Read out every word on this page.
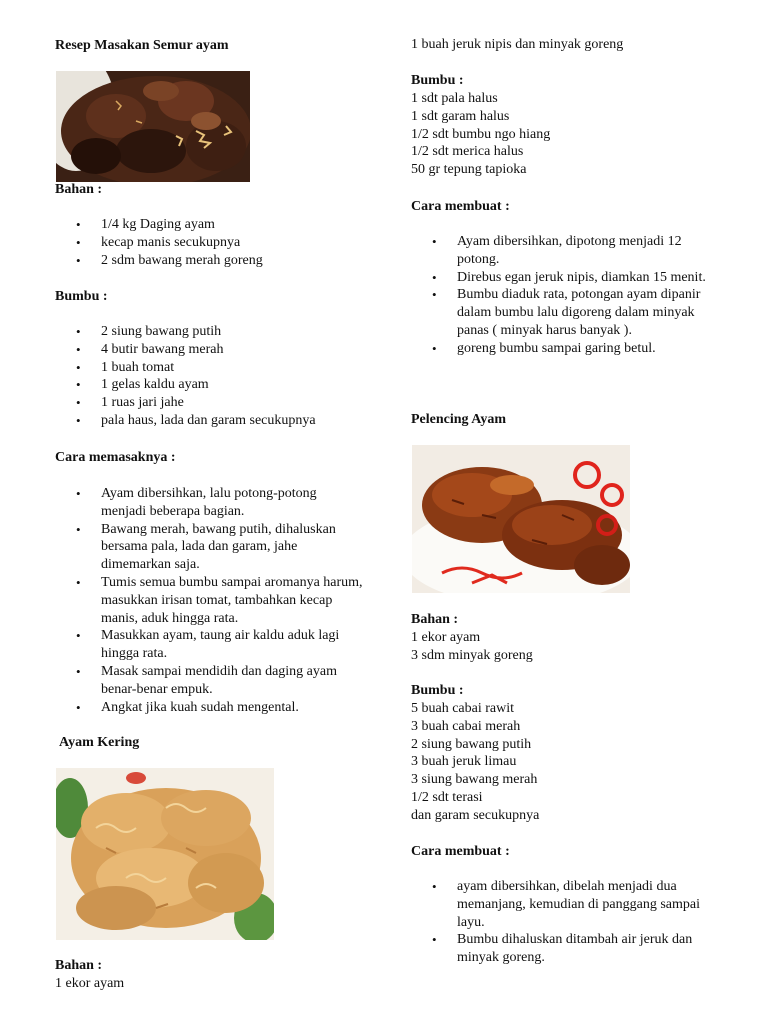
Resep Masakan Semur ayam
Bahan :
• 1/4 kg Daging ayam
• kecap manis secukupnya
• 2 sdm bawang merah goreng
Bumbu :
• 2 siung bawang putih
• 4 butir bawang merah
• 1 buah tomat
• 1 gelas kaldu ayam
• 1 ruas jari jahe
• pala haus, lada dan garam secukupnya
Cara memasaknya :
• Ayam dibersihkan, lalu potong-potong
menjadi beberapa bagian.
• Bawang merah, bawang putih, dihaluskan
bersama pala, lada dan garam, jahe
dimemarkan saja.
• Tumis semua bumbu sampai aromanya harum,
masukkan irisan tomat, tambahkan kecap
manis, aduk hingga rata.
• Masukkan ayam, taung air kaldu aduk lagi
hingga rata.
• Masak sampai mendidih dan daging ayam
benar-benar empuk.
• Angkat jika kuah sudah mengental.
Ayam Kering
Bahan :
1 ekor ayam
1 buah jeruk nipis dan minyak goreng
Bumbu :
1 sdt pala halus
1 sdt garam halus
1/2 sdt bumbu ngo hiang
1/2 sdt merica halus
50 gr tepung tapioka
Cara membuat :
• Ayam dibersihkan, dipotong menjadi 12
potong.
• Direbus egan jeruk nipis, diamkan 15 menit.
• Bumbu diaduk rata, potongan ayam dipanir
dalam bumbu lalu digoreng dalam minyak
panas ( minyak harus banyak ).
• goreng bumbu sampai garing betul.
Pelencing Ayam
Bahan :
1 ekor ayam
3 sdm minyak goreng
Bumbu :
5 buah cabai rawit
3 buah cabai merah
2 siung bawang putih
3 buah jeruk limau
3 siung bawang merah
1/2 sdt terasi
dan garam secukupnya
Cara membuat :
• ayam dibersihkan, dibelah menjadi dua
memanjang, kemudian di panggang sampai
layu.
• Bumbu dihaluskan ditambah air jeruk dan
minyak goreng.
